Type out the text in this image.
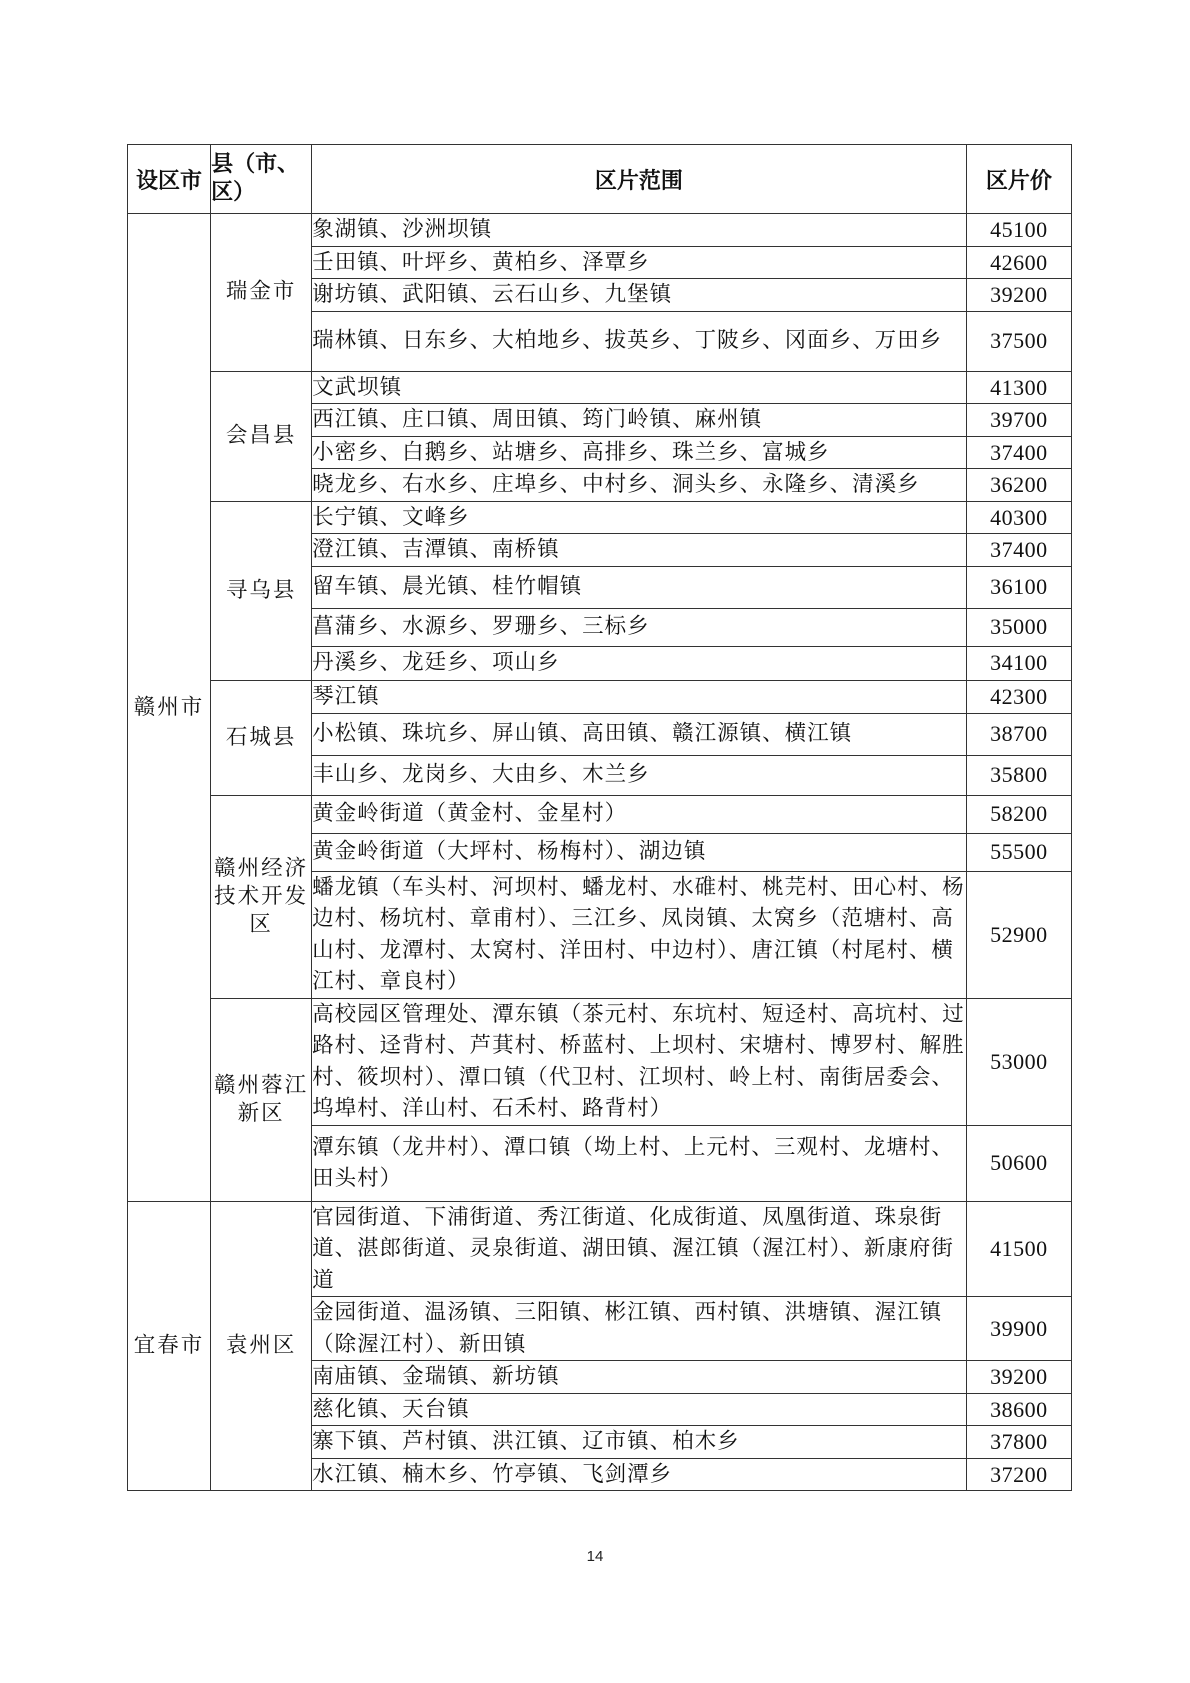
设区市	县（市、区）	区片范围	区片价
赣州市	瑞金市	象湖镇、沙洲坝镇	45100
		壬田镇、叶坪乡、黄柏乡、泽覃乡	42600
		谢坊镇、武阳镇、云石山乡、九堡镇	39200
		瑞林镇、日东乡、大柏地乡、拔英乡、丁陂乡、冈面乡、万田乡	37500
	会昌县	文武坝镇	41300
		西江镇、庄口镇、周田镇、筠门岭镇、麻州镇	39700
		小密乡、白鹅乡、站塘乡、高排乡、珠兰乡、富城乡	37400
		晓龙乡、右水乡、庄埠乡、中村乡、洞头乡、永隆乡、清溪乡	36200
	寻乌县	长宁镇、文峰乡	40300
		澄江镇、吉潭镇、南桥镇	37400
		留车镇、晨光镇、桂竹帽镇	36100
		菖蒲乡、水源乡、罗珊乡、三标乡	35000
		丹溪乡、龙廷乡、项山乡	34100
	石城县	琴江镇	42300
		小松镇、珠坑乡、屏山镇、高田镇、赣江源镇、横江镇	38700
		丰山乡、龙岗乡、大由乡、木兰乡	35800
	赣州经济技术开发区	黄金岭街道（黄金村、金星村）	58200
		黄金岭街道（大坪村、杨梅村）、湖边镇	55500
		蟠龙镇（车头村、河坝村、蟠龙村、水碓村、桃芫村、田心村、杨边村、杨坑村、章甫村）、三江乡、凤岗镇、太窝乡（范塘村、高山村、龙潭村、太窝村、洋田村、中边村）、唐江镇（村尾村、横江村、章良村）	52900
	赣州蓉江新区	高校园区管理处、潭东镇（茶元村、东坑村、短迳村、高坑村、过路村、迳背村、芦萁村、桥蓝村、上坝村、宋塘村、博罗村、解胜村、筱坝村）、潭口镇（代卫村、江坝村、岭上村、南街居委会、坞埠村、洋山村、石禾村、路背村）	53000
		潭东镇（龙井村）、潭口镇（坳上村、上元村、三观村、龙塘村、田头村）	50600
宜春市	袁州区	官园街道、下浦街道、秀江街道、化成街道、凤凰街道、珠泉街道、湛郎街道、灵泉街道、湖田镇、渥江镇（渥江村）、新康府街道	41500
		金园街道、温汤镇、三阳镇、彬江镇、西村镇、洪塘镇、渥江镇（除渥江村）、新田镇	39900
		南庙镇、金瑞镇、新坊镇	39200
		慈化镇、天台镇	38600
		寨下镇、芦村镇、洪江镇、辽市镇、柏木乡	37800
		水江镇、楠木乡、竹亭镇、飞剑潭乡	37200
14
